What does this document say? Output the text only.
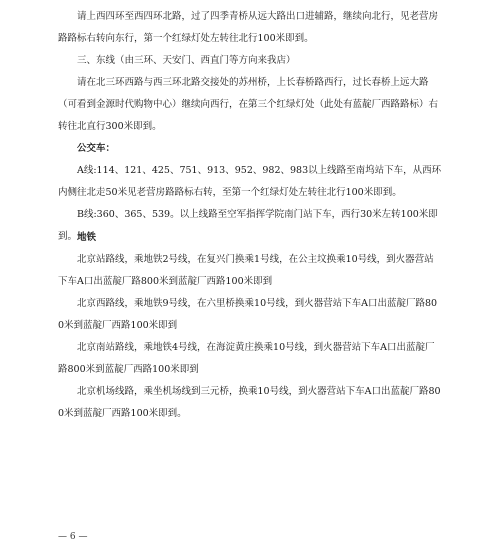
请上西四环至西四环北路，过了四季青桥从远大路出口进辅路，继续向北行，见老营房路路标右转向东行，第一个红绿灯处左转往北行100米即到。

三、东线（由三环、天安门、西直门等方向来我店）

请在北三环西路与西三环北路交接处的苏州桥，上长春桥路西行，过长春桥上远大路（可看到金源时代购物中心）继续向西行，在第三个红绿灯处（此处有蓝靛厂西路路标）右转往北直行300米即到。

公交车：

A线:114、121、425、751、913、952、982、983以上线路至南坞站下车，从西环内侧往北走50米见老营房路路标右转，至第一个红绿灯处左转往北行100米即到。

B线:360、365、539。以上线路至空军指挥学院南门站下车，西行30米左转100米即到。 地铁

北京站路线，乘地铁2号线，在复兴门换乘1号线，在公主坟换乘10号线，到火器营站下车A口出蓝靛厂路800米到蓝靛厂西路100米即到

北京西路线，乘地铁9号线，在六里桥换乘10号线，到火器营站下车A口出蓝靛厂路800米到蓝靛厂西路100米即到

北京南站路线，乘地铁4号线，在海淀黄庄换乘10号线，到火器营站下车A口出蓝靛厂路800米到蓝靛厂西路100米即到

北京机场线路，乘坐机场线到三元桥，换乘10号线，到火器营站下车A口出蓝靛厂路800米到蓝靛厂西路100米即到。

— 6 —
